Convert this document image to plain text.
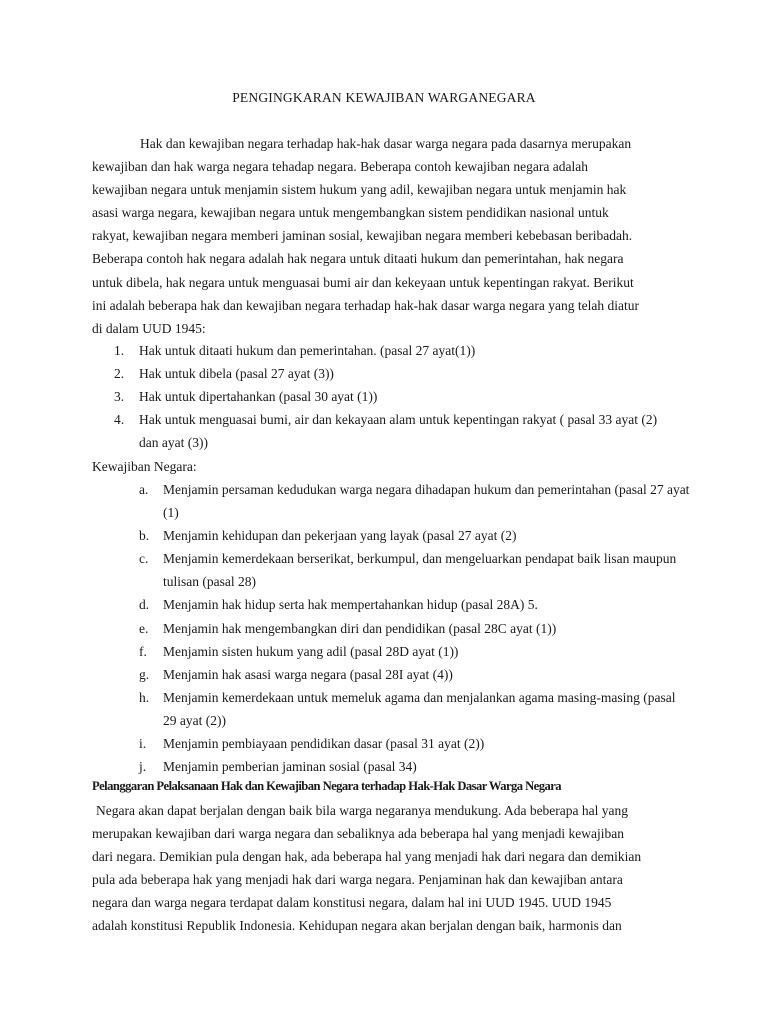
PENGINGKARAN KEWAJIBAN WARGANEGARA
Hak dan kewajiban negara terhadap hak-hak dasar warga negara pada dasarnya merupakan
kewajiban dan hak warga negara tehadap negara. Beberapa contoh kewajiban negara adalah
kewajiban negara untuk menjamin sistem hukum yang adil, kewajiban negara untuk menjamin hak
asasi warga negara, kewajiban negara untuk mengembangkan sistem pendidikan nasional untuk
rakyat, kewajiban negara memberi jaminan sosial, kewajiban negara memberi kebebasan beribadah.
Beberapa contoh hak negara adalah hak negara untuk ditaati hukum dan pemerintahan, hak negara
untuk dibela, hak negara untuk menguasai bumi air dan kekeyaan untuk kepentingan rakyat. Berikut
ini adalah beberapa hak dan kewajiban negara terhadap hak-hak dasar warga negara yang telah diatur
di dalam UUD 1945:
1. Hak untuk ditaati hukum dan pemerintahan. (pasal 27 ayat(1))
2. Hak untuk dibela (pasal 27 ayat (3))
3. Hak untuk dipertahankan (pasal 30 ayat (1))
4. Hak untuk menguasai bumi, air dan kekayaan alam untuk kepentingan rakyat ( pasal 33 ayat (2) dan ayat (3))
Kewajiban Negara:
a. Menjamin persaman kedudukan warga negara dihadapan hukum dan pemerintahan (pasal 27 ayat (1)
b. Menjamin kehidupan dan pekerjaan yang layak (pasal 27 ayat (2)
c. Menjamin kemerdekaan berserikat, berkumpul, dan mengeluarkan pendapat baik lisan maupun tulisan (pasal 28)
d. Menjamin hak hidup serta hak mempertahankan hidup (pasal 28A) 5.
e. Menjamin hak mengembangkan diri dan pendidikan (pasal 28C ayat (1))
f. Menjamin sisten hukum yang adil (pasal 28D ayat (1))
g. Menjamin hak asasi warga negara (pasal 28I ayat (4))
h. Menjamin kemerdekaan untuk memeluk agama dan menjalankan agama masing-masing (pasal 29 ayat (2))
i. Menjamin pembiayaan pendidikan dasar (pasal 31 ayat (2))
j. Menjamin pemberian jaminan sosial (pasal 34)
Pelanggaran Pelaksanaan Hak dan Kewajiban Negara terhadap Hak-Hak Dasar Warga Negara
Negara akan dapat berjalan dengan baik bila warga negaranya mendukung. Ada beberapa hal yang
merupakan kewajiban dari warga negara dan sebaliknya ada beberapa hal yang menjadi kewajiban
dari negara. Demikian pula dengan hak, ada beberapa hal yang menjadi hak dari negara dan demikian
pula ada beberapa hak yang menjadi hak dari warga negara. Penjaminan hak dan kewajiban antara
negara dan warga negara terdapat dalam konstitusi negara, dalam hal ini UUD 1945. UUD 1945
adalah konstitusi Republik Indonesia. Kehidupan negara akan berjalan dengan baik, harmonis dan
